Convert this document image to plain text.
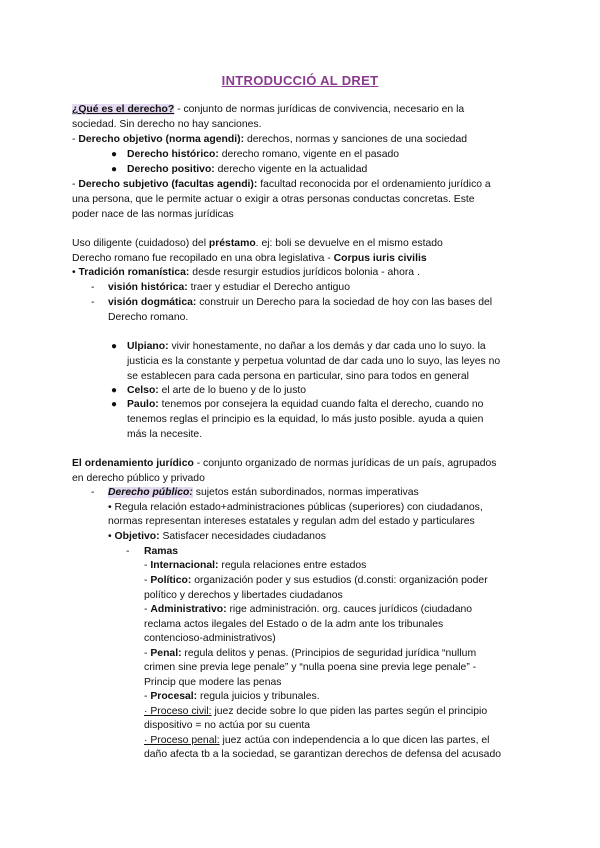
INTRODUCCIÓ AL DRET
¿Qué es el derecho? - conjunto de normas jurídicas de convivencia, necesario en la
sociedad. Sin derecho no hay sanciones.
- Derecho objetivo (norma agendi): derechos, normas y sanciones de una sociedad
● Derecho histórico: derecho romano, vigente en el pasado
● Derecho positivo: derecho vigente en la actualidad
- Derecho subjetivo (facultas agendi): facultad reconocida por el ordenamiento jurídico a
una persona, que le permite actuar o exigir a otras personas conductas concretas. Este
poder nace de las normas jurídicas
Uso diligente (cuidadoso) del préstamo. ej: boli se devuelve en el mismo estado
Derecho romano fue recopilado en una obra legislativa - Corpus iuris civilis
• Tradición romanística: desde resurgir estudios jurídicos bolonia - ahora .
- visión histórica: traer y estudiar el Derecho antiguo
- visión dogmática: construir un Derecho para la sociedad de hoy con las bases del
Derecho romano.
● Ulpiano: vivir honestamente, no dañar a los demás y dar cada uno lo suyo. la
justicia es la constante y perpetua voluntad de dar cada uno lo suyo, las leyes no
se establecen para cada persona en particular, sino para todos en general
● Celso: el arte de lo bueno y de lo justo
● Paulo: tenemos por consejera la equidad cuando falta el derecho, cuando no
tenemos reglas el principio es la equidad, lo más justo posible. ayuda a quien
más la necesite.
El ordenamiento jurídico - conjunto organizado de normas jurídicas de un país, agrupados
en derecho público y privado
- Derecho público: sujetos están subordinados, normas imperativas
• Regula relación estado+administraciones públicas (superiores) con ciudadanos,
normas representan intereses estatales y regulan adm del estado y particulares
• Objetivo: Satisfacer necesidades ciudadanos
- Ramas
- Internacional: regula relaciones entre estados
- Político: organización poder y sus estudios (d.consti: organización poder
político y derechos y libertades ciudadanos
- Administrativo: rige administración. org. cauces jurídicos (ciudadano
reclama actos ilegales del Estado o de la adm ante los tribunales
contencioso-administrativos)
- Penal: regula delitos y penas. (Principios de seguridad jurídica “nullum
crimen sine previa lege penale” y “nulla poena sine previa lege penale” -
Princip que modere las penas
- Procesal: regula juicios y tribunales.
· Proceso civil: juez decide sobre lo que piden las partes según el principio
dispositivo = no actúa por su cuenta
· Proceso penal: juez actúa con independencia a lo que dicen las partes, el
daño afecta tb a la sociedad, se garantizan derechos de defensa del acusado
